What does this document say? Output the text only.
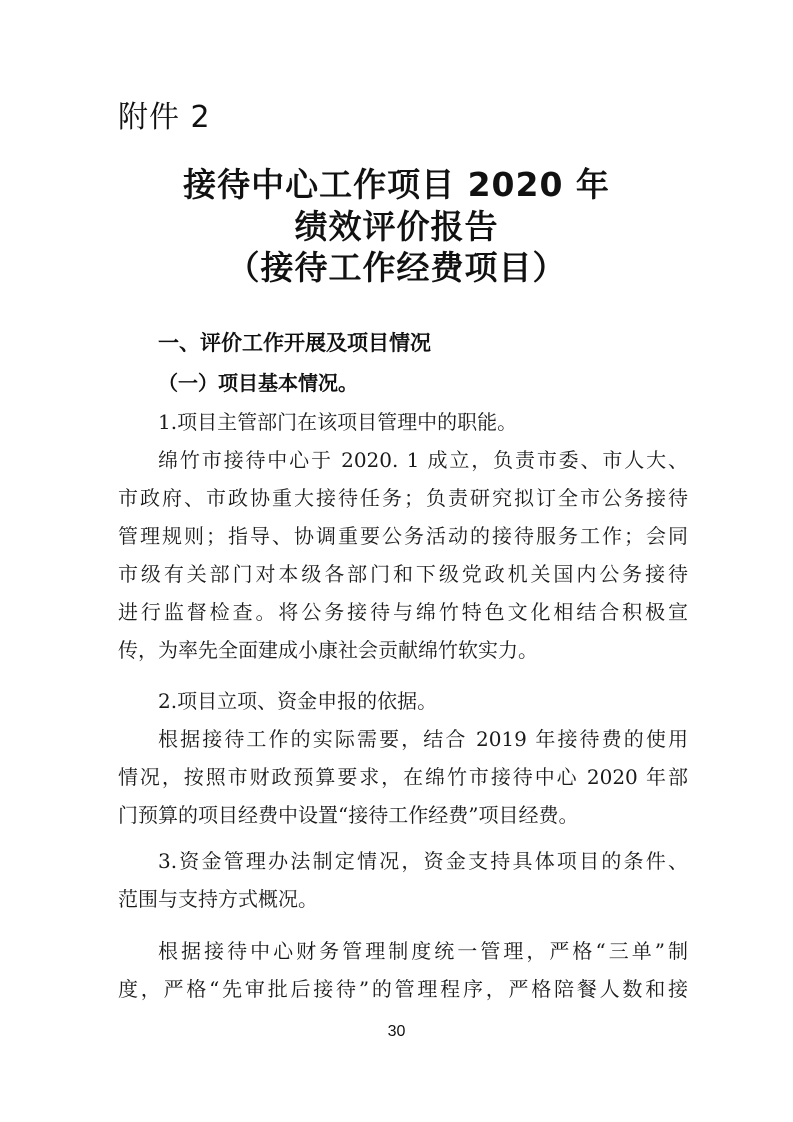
附件 2
接待中心工作项目 2020 年
绩效评价报告
（接待工作经费项目）
一、评价工作开展及项目情况
（一）项目基本情况。
1.项目主管部门在该项目管理中的职能。
绵竹市接待中心于 2020. 1 成立，负责市委、市人大、
市政府、市政协重大接待任务；负责研究拟订全市公务接待
管理规则；指导、协调重要公务活动的接待服务工作；会同
市级有关部门对本级各部门和下级党政机关国内公务接待
进行监督检查。将公务接待与绵竹特色文化相结合积极宣
传，为率先全面建成小康社会贡献绵竹软实力。
2.项目立项、资金申报的依据。
根据接待工作的实际需要，结合 2019 年接待费的使用
情况，按照市财政预算要求，在绵竹市接待中心 2020 年部
门预算的项目经费中设置“接待工作经费”项目经费。
3.资金管理办法制定情况，资金支持具体项目的条件、
范围与支持方式概况。
根据接待中心财务管理制度统一管理，严格“三单”制
度，严格“先审批后接待”的管理程序，严格陪餐人数和接
30
